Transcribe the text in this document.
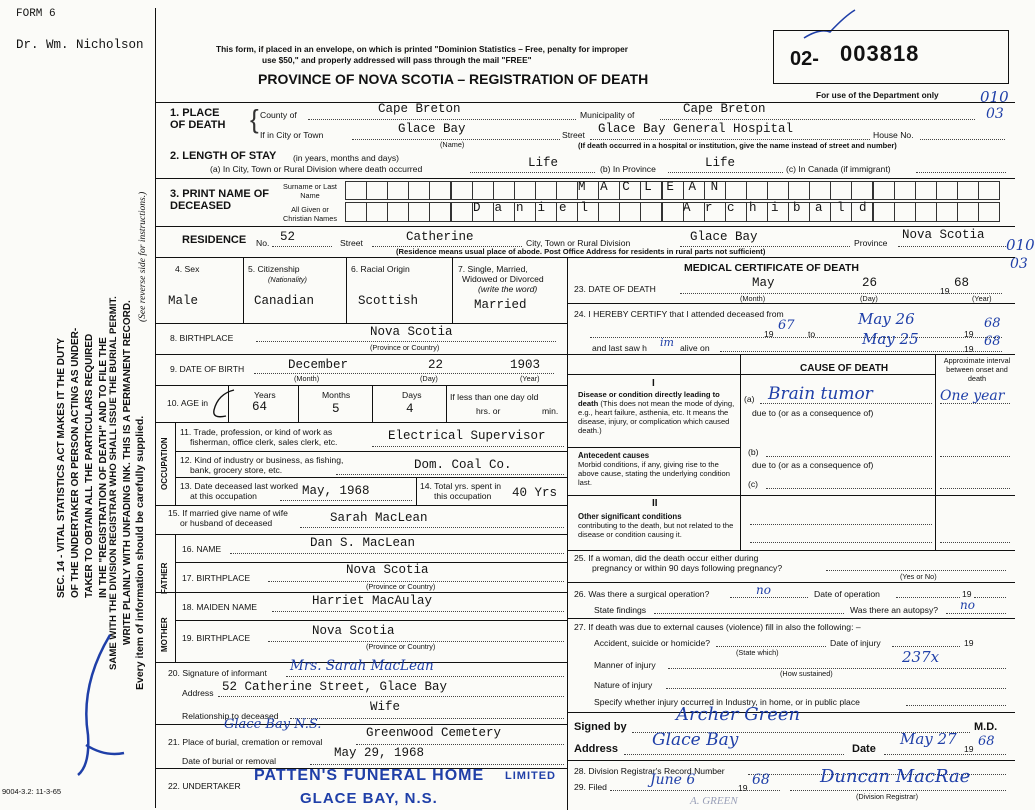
FORM 6
Dr. Wm. Nicholson
SEC. 14 - VITAL STATISTICS ACT MAKES IT THE DUTY OF THE UNDERTAKER OR PERSON ACTING AS UNDER- TAKER TO OBTAIN ALL THE PARTICULARS REQUIRED IN THE "REGISTRATION OF DEATH" AND TO FILE THE SAME WITH THE DIVISION REGISTRAR WHO SHALL ISSUE THE BURIAL PERMIT. WRITE PLAINLY WITH UNFADING INK. THIS IS A PERMANENT RECORD. Every item of information should be carefully supplied.
(See reverse side for instructions.)
9004-3.2: 11-3-65
This form, if placed in an envelope, on which is printed "Dominion Statistics – Free, penalty for improper
use $50," and properly addressed will pass through the mail "FREE"
PROVINCE OF NOVA SCOTIA – REGISTRATION OF DEATH
02- 003818
For use of the Department only	010
03
1. PLACE OF DEATH { County of	Cape Breton	Municipality of	Cape Breton
If in City or Town	Glace Bay
(Name)
Street Glace Bay General Hospital	House No.
(If death occurred in a hospital or institution, give the name instead of street and number)
2. LENGTH OF STAY (in years, months and days)
(a) In City, Town or Rural Division where death occurred	Life	(b) In Province	Life	(c) In Canada (if immigrant)
3. PRINT NAME OF DECEASED
Surname or Last Name
All Given or Christian Names
MACLEAN
Daniel	Archibald
RESIDENCE No. 52	Street	Catherine	City, Town or Rural Division	Glace Bay	Province
Nova Scotia
010
03
(Residence means usual place of abode. Post Office Address for residents in rural parts not sufficient)
4. Sex
Male
5. Citizenship
(Nationality)
Canadian
6. Racial Origin
Scottish
7. Single, Married,
Widowed or Divorced
(write the word)
Married
8. BIRTHPLACE	Nova Scotia
(Province or Country)
9. DATE OF BIRTH	December	22	1903
(Month)	(Day)	(Year)
10. AGE in
Years
64
Months
5
Days
4
If less than one day old
hrs. or	min.
OCCUPATION
11. Trade, profession, or kind of work as
fisherman, office clerk, sales clerk, etc.	Electrical Supervisor
12. Kind of industry or business, as fishing,
bank, grocery store, etc.	Dom. Coal Co.
13. Date deceased last worked
at this occupation	May, 1968	14. Total yrs. spent in
this occupation 40 Yrs
15. If married give name of wife
or husband of deceased	Sarah MacLean
FATHER
16. NAME	Dan S. MacLean
17. BIRTHPLACE
Nova Scotia
(Province or Country)
MOTHER
18. MAIDEN NAME	Harriet MacAulay
19. BIRTHPLACE	Nova Scotia
(Province or Country)
20. Signature of informant Mrs. Sarah MacLean
Address 52 Catherine Street, Glace Bay
Relationship to deceased
Wife
Glace Bay N.S.
21. Place of burial, cremation or removal
Greenwood Cemetery
Date of burial or removal
May 29, 1968
22. UNDERTAKER
PATTEN'S FUNERAL HOME LIMITED
GLACE BAY, N.S.
MEDICAL CERTIFICATE OF DEATH
23. DATE OF DEATH	May	26
19
68
(Month)	(Day)	(Year)
24. I HEREBY CERTIFY that I attended deceased from
19
67
to
May 26
19
68
and last saw h im alive on	May 25
19 68
CAUSE OF DEATH
Approximate interval between onset and death
I
Disease or condition directly leading to death (This does not mean the mode of dying, e.g., heart failure, asthenia, etc. It means the disease, injury, or complication which caused death.)
(a) Brain tumor	One year
due to (or as a consequence of)
Antecedent causes
Morbid conditions, if any, giving rise to the above cause, stating the underlying condition last.
(b)
due to (or as a consequence of)
(c)
II
Other significant conditions
contributing to the death, but not related to the disease or condition causing it.
25. If a woman, did the death occur either during
pregnancy or within 90 days following pregnancy?
(Yes or No)
26. Was there a surgical operation?	no	Date of operation	19
State findings	Was there an autopsy? no
27. If death was due to external causes (violence) fill in also the following: –
Accident, suicide or homicide?	Date of injury	19
(State which)
Manner of injury	237x
(How sustained)
Nature of injury
Specify whether injury occurred in Industry, in home, or in public place
Signed by
Archer Green
M.D.
Address Glace Bay	Date
May 27
19 68
28. Division Registrar's Record Number
29. Filed	June 6	19 68	Duncan MacRae
(Division Registrar)
A. GREEN
